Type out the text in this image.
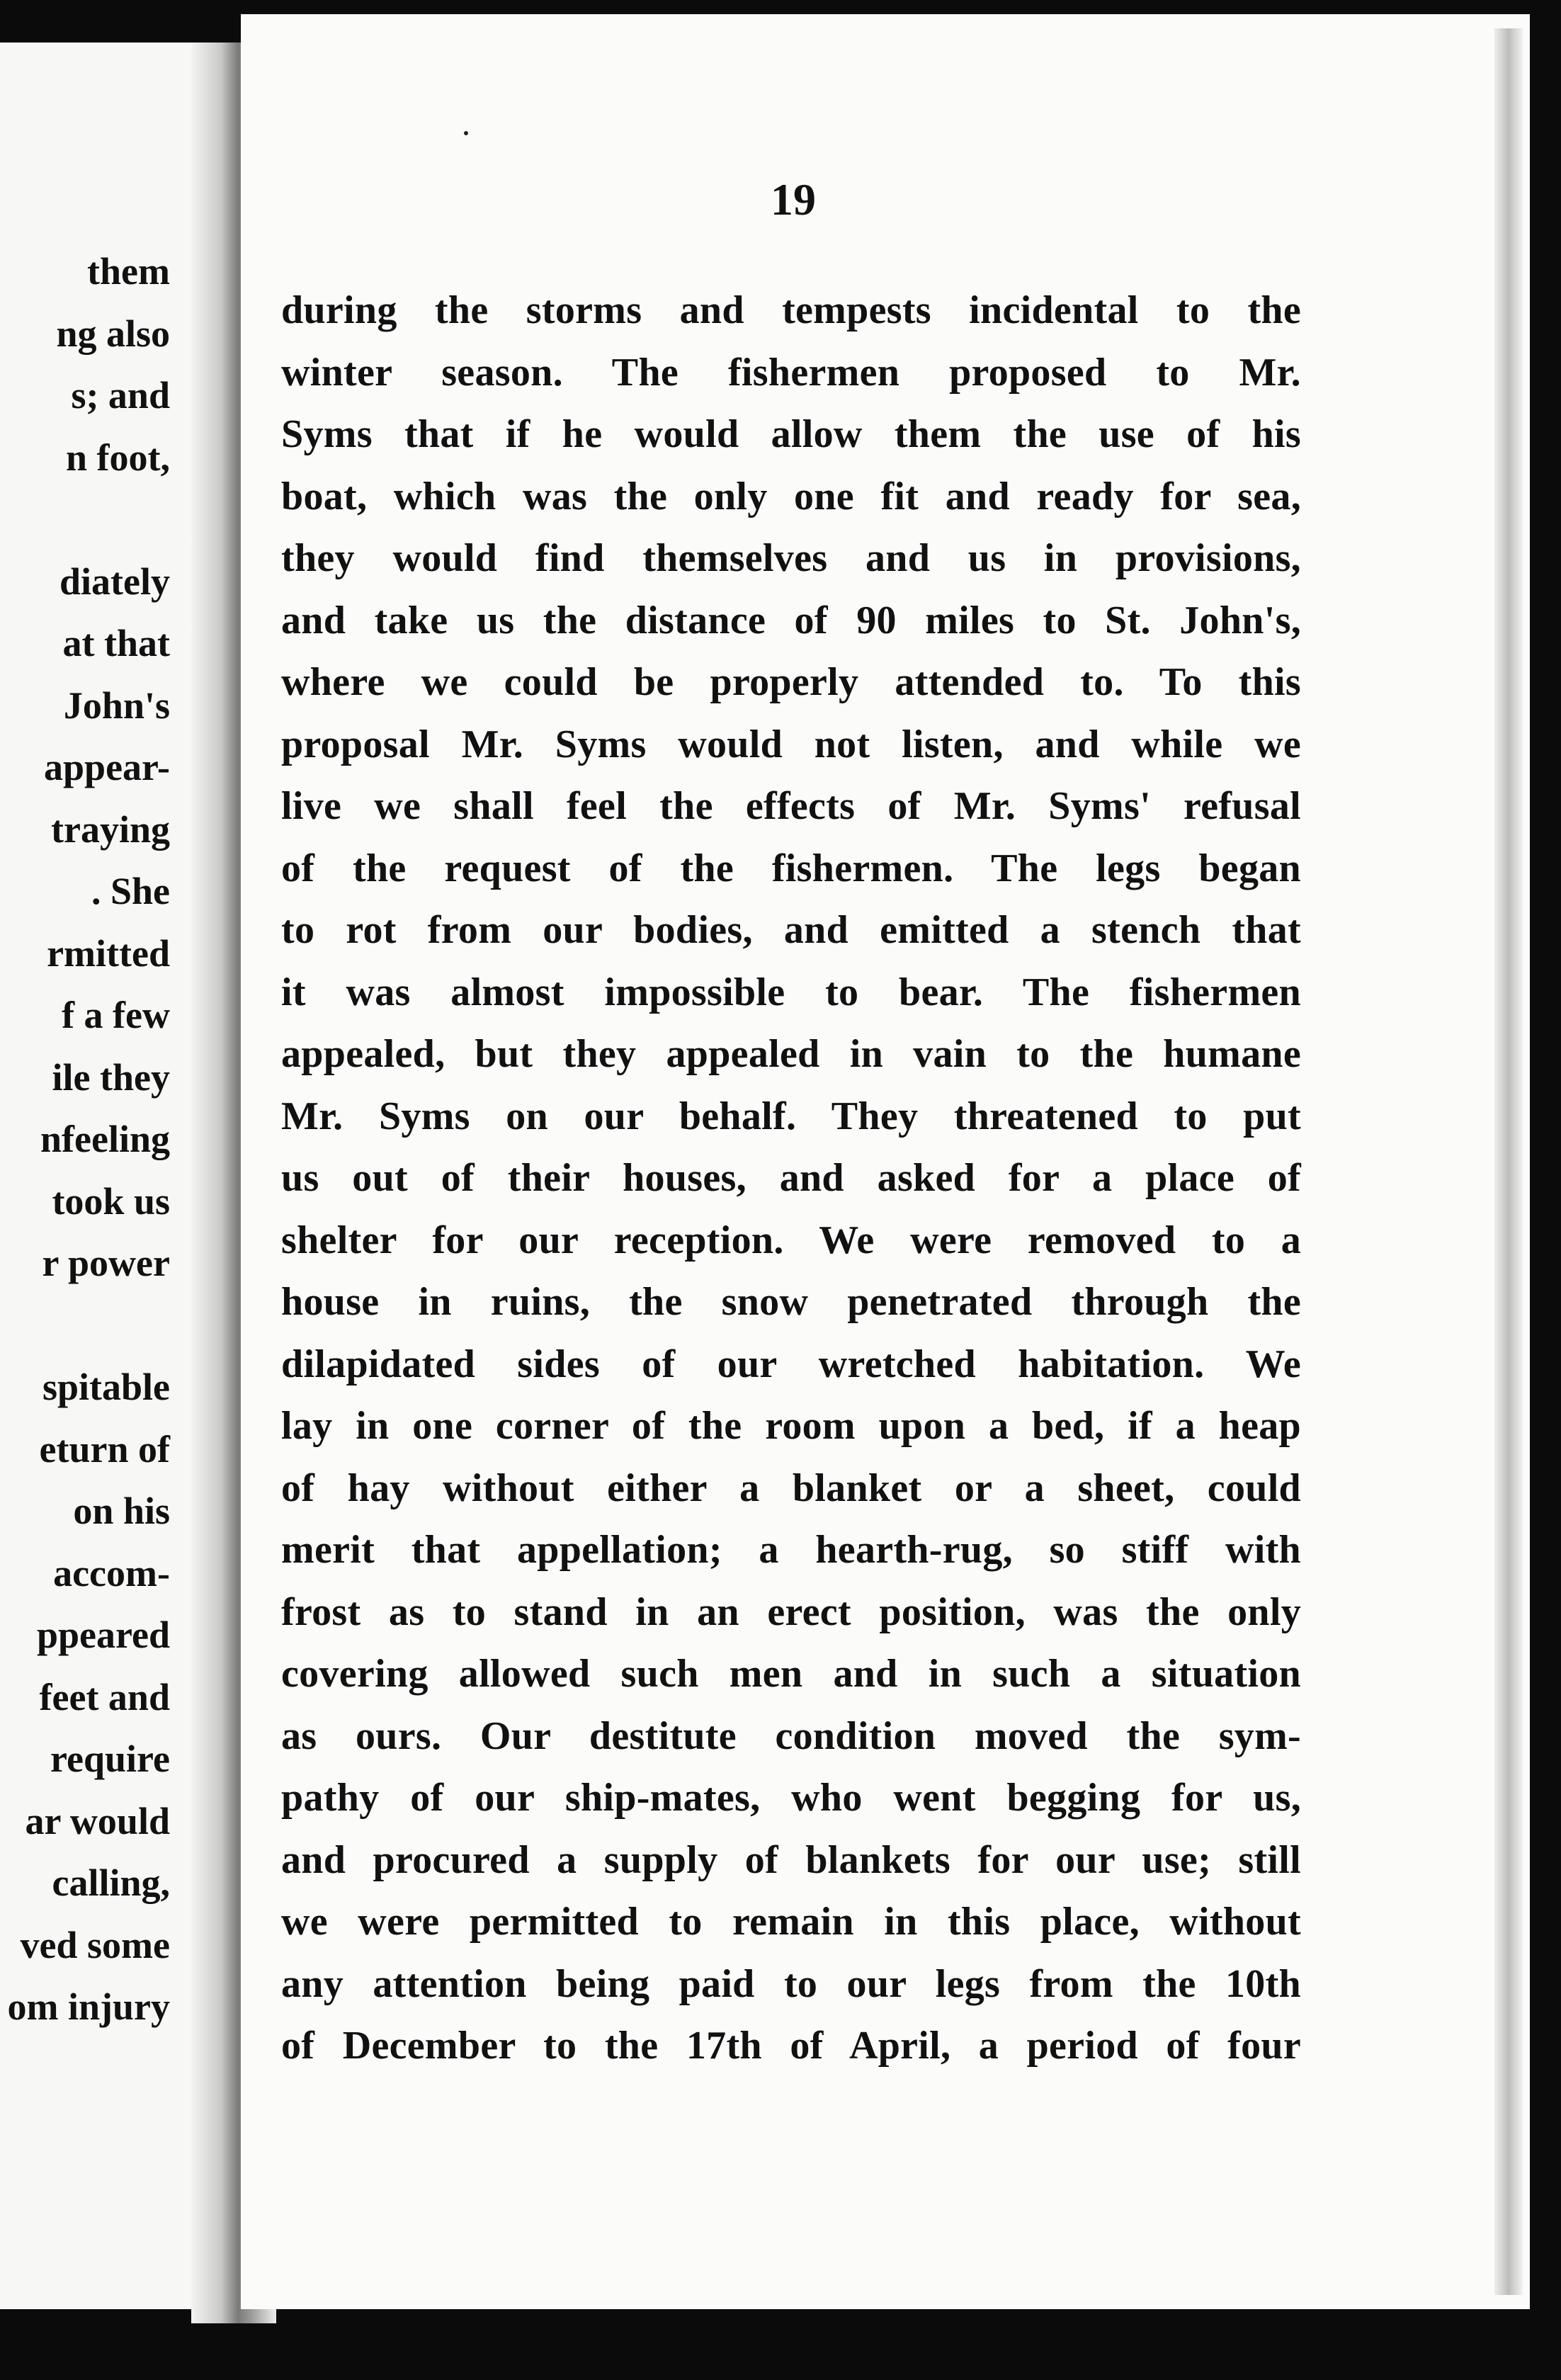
them
ng also
s; and
n foot,
diately
at that
John's
appear-
traying
. She
rmitted
f a few
ile they
nfeeling
took us
r power
spitable
eturn of
on his
accom-
ppeared
feet and
require
ar would
calling,
ved some
om injury
19
during the storms and tempests incidental to the
winter season. The fishermen proposed to Mr.
Syms that if he would allow them the use of his
boat, which was the only one fit and ready for sea,
they would find themselves and us in provisions,
and take us the distance of 90 miles to St. John's,
where we could be properly attended to. To this
proposal Mr. Syms would not listen, and while we
live we shall feel the effects of Mr. Syms' refusal
of the request of the fishermen. The legs began
to rot from our bodies, and emitted a stench that
it was almost impossible to bear. The fishermen
appealed, but they appealed in vain to the humane
Mr. Syms on our behalf. They threatened to put
us out of their houses, and asked for a place of
shelter for our reception. We were removed to a
house in ruins, the snow penetrated through the
dilapidated sides of our wretched habitation. We
lay in one corner of the room upon a bed, if a heap
of hay without either a blanket or a sheet, could
merit that appellation; a hearth-rug, so stiff with
frost as to stand in an erect position, was the only
covering allowed such men and in such a situation
as ours. Our destitute condition moved the sym-
pathy of our ship-mates, who went begging for us,
and procured a supply of blankets for our use; still
we were permitted to remain in this place, without
any attention being paid to our legs from the 10th
of December to the 17th of April, a period of four
